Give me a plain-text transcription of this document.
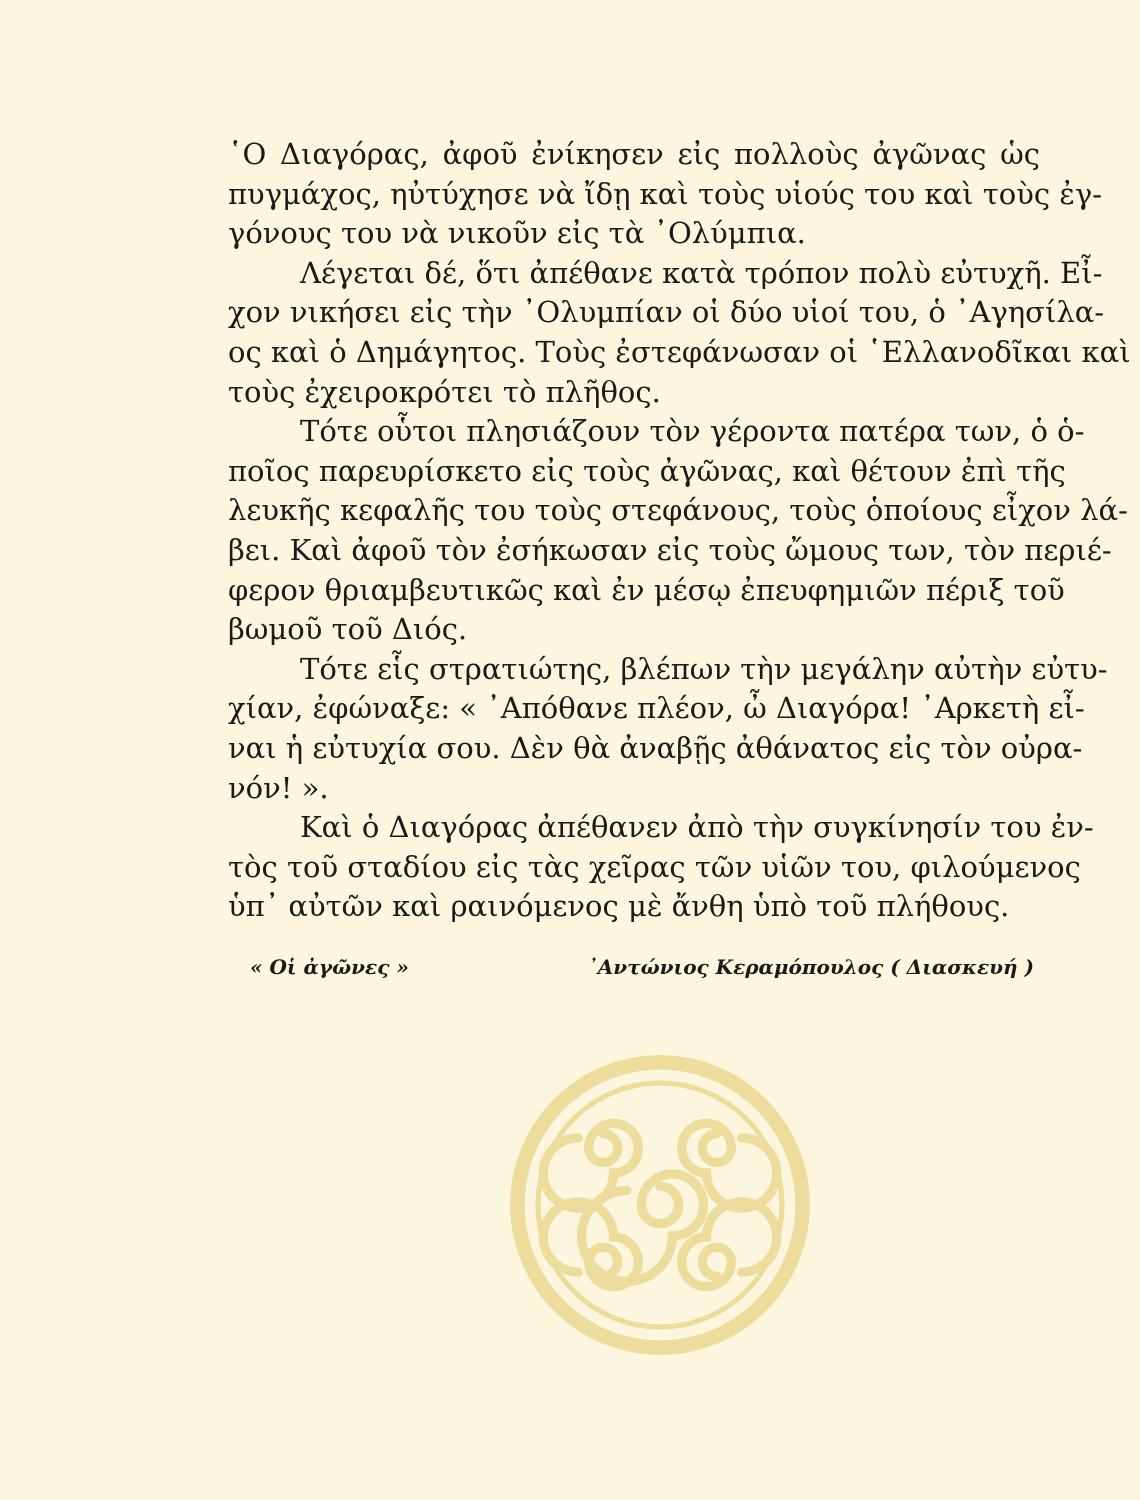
῾Ο Διαγόρας, ἀφοῦ ἐνίκησεν εἰς πολλοὺς ἀγῶνας ὡς
πυγμάχος, ηὐτύχησε νὰ ἴδῃ καὶ τοὺς υἱούς του καὶ τοὺς ἐγ-
γόνους του νὰ νικοῦν εἰς τὰ ᾿Ολύμπια.
Λέγεται δέ, ὅτι ἀπέθανε κατὰ τρόπον πολὺ εὐτυχῆ. Εἶ-
χον νικήσει εἰς τὴν ᾿Ολυμπίαν οἱ δύο υἱοί του, ὁ ᾿Αγησίλα-
ος καὶ ὁ Δημάγητος. Τοὺς ἐστεφάνωσαν οἱ ῾Ελλανοδῖκαι καὶ
τοὺς ἐχειροκρότει τὸ πλῆθος.
Τότε οὗτοι πλησιάζουν τὸν γέροντα πατέρα των, ὁ ὁ-
ποῖος παρευρίσκετο εἰς τοὺς ἀγῶνας, καὶ θέτουν ἐπὶ τῆς
λευκῆς κεφαλῆς του τοὺς στεφάνους, τοὺς ὁποίους εἶχον λά-
βει. Καὶ ἀφοῦ τὸν ἐσήκωσαν εἰς τοὺς ὤμους των, τὸν περιέ-
φερον θριαμβευτικῶς καὶ ἐν μέσῳ ἐπευφημιῶν πέριξ τοῦ
βωμοῦ τοῦ Διός.
Τότε εἷς στρατιώτης, βλέπων τὴν μεγάλην αὐτὴν εὐτυ-
χίαν, ἐφώναξε: « ᾿Απόθανε πλέον, ὦ Διαγόρα! ᾿Αρκετὴ εἶ-
ναι ἡ εὐτυχία σου. Δὲν θὰ ἀναβῇς ἀθάνατος εἰς τὸν οὐρα-
νόν! ».
Καὶ ὁ Διαγόρας ἀπέθανεν ἀπὸ τὴν συγκίνησίν του ἐν-
τὸς τοῦ σταδίου εἰς τὰς χεῖρας τῶν υἱῶν του, φιλούμενος
ὑπ᾽ αὐτῶν καὶ ραινόμενος μὲ ἄνθη ὑπὸ τοῦ πλήθους.
« Οἱ ἀγῶνες »	᾿Αντώνιος Κεραμόπουλος ( Διασκευή )
